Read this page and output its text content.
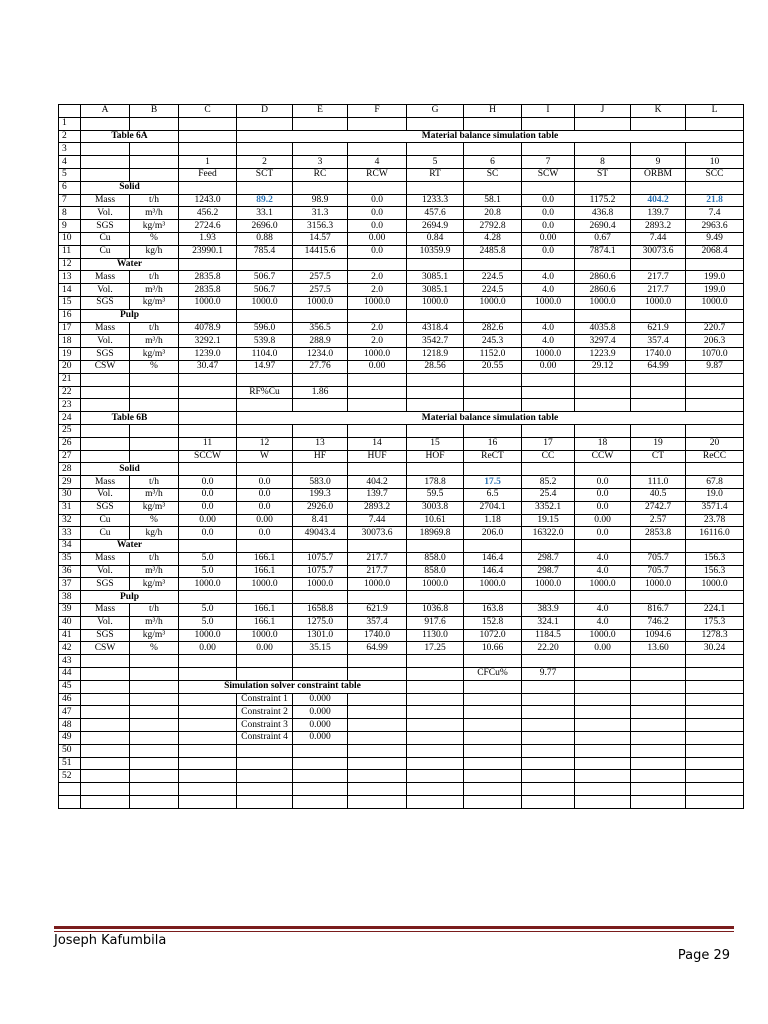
	A	B	C	D	E	F	G	H	I	J	K	L
1												
2	Table 6A			Material balance simulation table								
3												
4			1	2	3	4	5	6	7	8	9	10
5			Feed	SCT	RC	RCW	RT	SC	SCW	ST	ORBM	SCC
6	Solid											
7	Mass	t/h	1243.0	89.2	98.9	0.0	1233.3	58.1	0.0	1175.2	404.2	21.8
8	Vol.	m³/h	456.2	33.1	31.3	0.0	457.6	20.8	0.0	436.8	139.7	7.4
9	SGS	kg/m³	2724.6	2696.0	3156.3	0.0	2694.9	2792.8	0.0	2690.4	2893.2	2963.6
10	Cu	%	1.93	0.88	14.57	0.00	0.84	4.28	0.00	0.67	7.44	9.49
11	Cu	kg/h	23990.1	785.4	14415.6	0.0	10359.9	2485.8	0.0	7874.1	30073.6	2068.4
12	Water											
13	Mass	t/h	2835.8	506.7	257.5	2.0	3085.1	224.5	4.0	2860.6	217.7	199.0
14	Vol.	m³/h	2835.8	506.7	257.5	2.0	3085.1	224.5	4.0	2860.6	217.7	199.0
15	SGS	kg/m³	1000.0	1000.0	1000.0	1000.0	1000.0	1000.0	1000.0	1000.0	1000.0	1000.0
16	Pulp											
17	Mass	t/h	4078.9	596.0	356.5	2.0	4318.4	282.6	4.0	4035.8	621.9	220.7
18	Vol.	m³/h	3292.1	539.8	288.9	2.0	3542.7	245.3	4.0	3297.4	357.4	206.3
19	SGS	kg/m³	1239.0	1104.0	1234.0	1000.0	1218.9	1152.0	1000.0	1223.9	1740.0	1070.0
20	CSW	%	30.47	14.97	27.76	0.00	28.56	20.55	0.00	29.12	64.99	9.87
21												
22				RF%Cu	1.86							
23												
24	Table 6B			Material balance simulation table								
25												
26			11	12	13	14	15	16	17	18	19	20
27			SCCW	W	HF	HUF	HOF	ReCT	CC	CCW	CT	ReCC
28	Solid											
29	Mass	t/h	0.0	0.0	583.0	404.2	178.8	17.5	85.2	0.0	111.0	67.8
30	Vol.	m³/h	0.0	0.0	199.3	139.7	59.5	6.5	25.4	0.0	40.5	19.0
31	SGS	kg/m³	0.0	0.0	2926.0	2893.2	3003.8	2704.1	3352.1	0.0	2742.7	3571.4
32	Cu	%	0.00	0.00	8.41	7.44	10.61	1.18	19.15	0.00	2.57	23.78
33	Cu	kg/h	0.0	0.0	49043.4	30073.6	18969.8	206.0	16322.0	0.0	2853.8	16116.0
34	Water											
35	Mass	t/h	5.0	166.1	1075.7	217.7	858.0	146.4	298.7	4.0	705.7	156.3
36	Vol.	m³/h	5.0	166.1	1075.7	217.7	858.0	146.4	298.7	4.0	705.7	156.3
37	SGS	kg/m³	1000.0	1000.0	1000.0	1000.0	1000.0	1000.0	1000.0	1000.0	1000.0	1000.0
38	Pulp											
39	Mass	t/h	5.0	166.1	1658.8	621.9	1036.8	163.8	383.9	4.0	816.7	224.1
40	Vol.	m³/h	5.0	166.1	1275.0	357.4	917.6	152.8	324.1	4.0	746.2	175.3
41	SGS	kg/m³	1000.0	1000.0	1301.0	1740.0	1130.0	1072.0	1184.5	1000.0	1094.6	1278.3
42	CSW	%	0.00	0.00	35.15	64.99	17.25	10.66	22.20	0.00	13.60	30.24
43												
44								CFCu%	9.77			
45			Simulation solver constraint table									
46				Constraint 1	0.000							
47				Constraint 2	0.000							
48				Constraint 3	0.000							
49				Constraint 4	0.000							
50												
51												
52												

Joseph Kafumbila
Page 29
